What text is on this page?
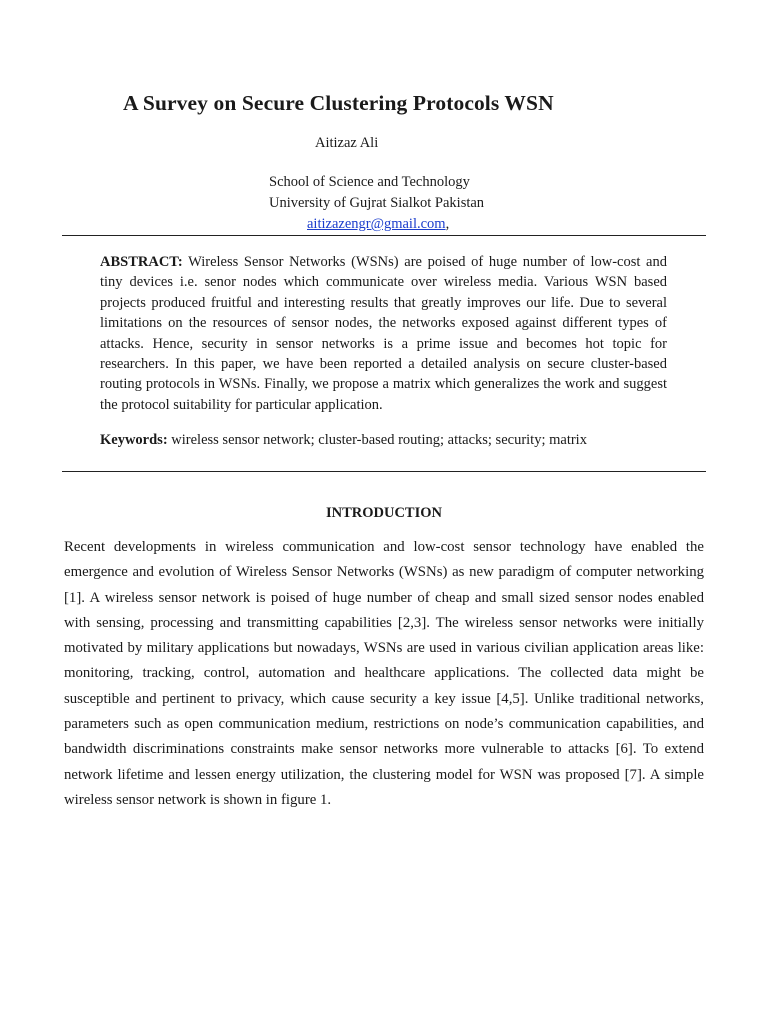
A Survey on Secure Clustering Protocols WSN
Aitizaz Ali
School of Science and Technology
University of Gujrat Sialkot Pakistan
aitizazengr@gmail.com,

ABSTRACT: Wireless Sensor Networks (WSNs) are poised of huge number of low-cost and tiny devices i.e. senor nodes which communicate over wireless media. Various WSN based projects produced fruitful and interesting results that greatly improves our life. Due to several limitations on the resources of sensor nodes, the networks exposed against different types of attacks. Hence, security in sensor networks is a prime issue and becomes hot topic for researchers. In this paper, we have been reported a detailed analysis on secure cluster-based routing protocols in WSNs. Finally, we propose a matrix which generalizes the work and suggest the protocol suitability for particular application.

Keywords: wireless sensor network; cluster-based routing; attacks; security; matrix

INTRODUCTION

Recent developments in wireless communication and low-cost sensor technology have enabled the emergence and evolution of Wireless Sensor Networks (WSNs) as new paradigm of computer networking [1]. A wireless sensor network is poised of huge number of cheap and small sized sensor nodes enabled with sensing, processing and transmitting capabilities [2,3]. The wireless sensor networks were initially motivated by military applications but nowadays, WSNs are used in various civilian application areas like: monitoring, tracking, control, automation and healthcare applications. The collected data might be susceptible and pertinent to privacy, which cause security a key issue [4,5]. Unlike traditional networks, parameters such as open communication medium, restrictions on node’s communication capabilities, and bandwidth discriminations constraints make sensor networks more vulnerable to attacks [6]. To extend network lifetime and lessen energy utilization, the clustering model for WSN was proposed [7]. A simple wireless sensor network is shown in figure 1.
